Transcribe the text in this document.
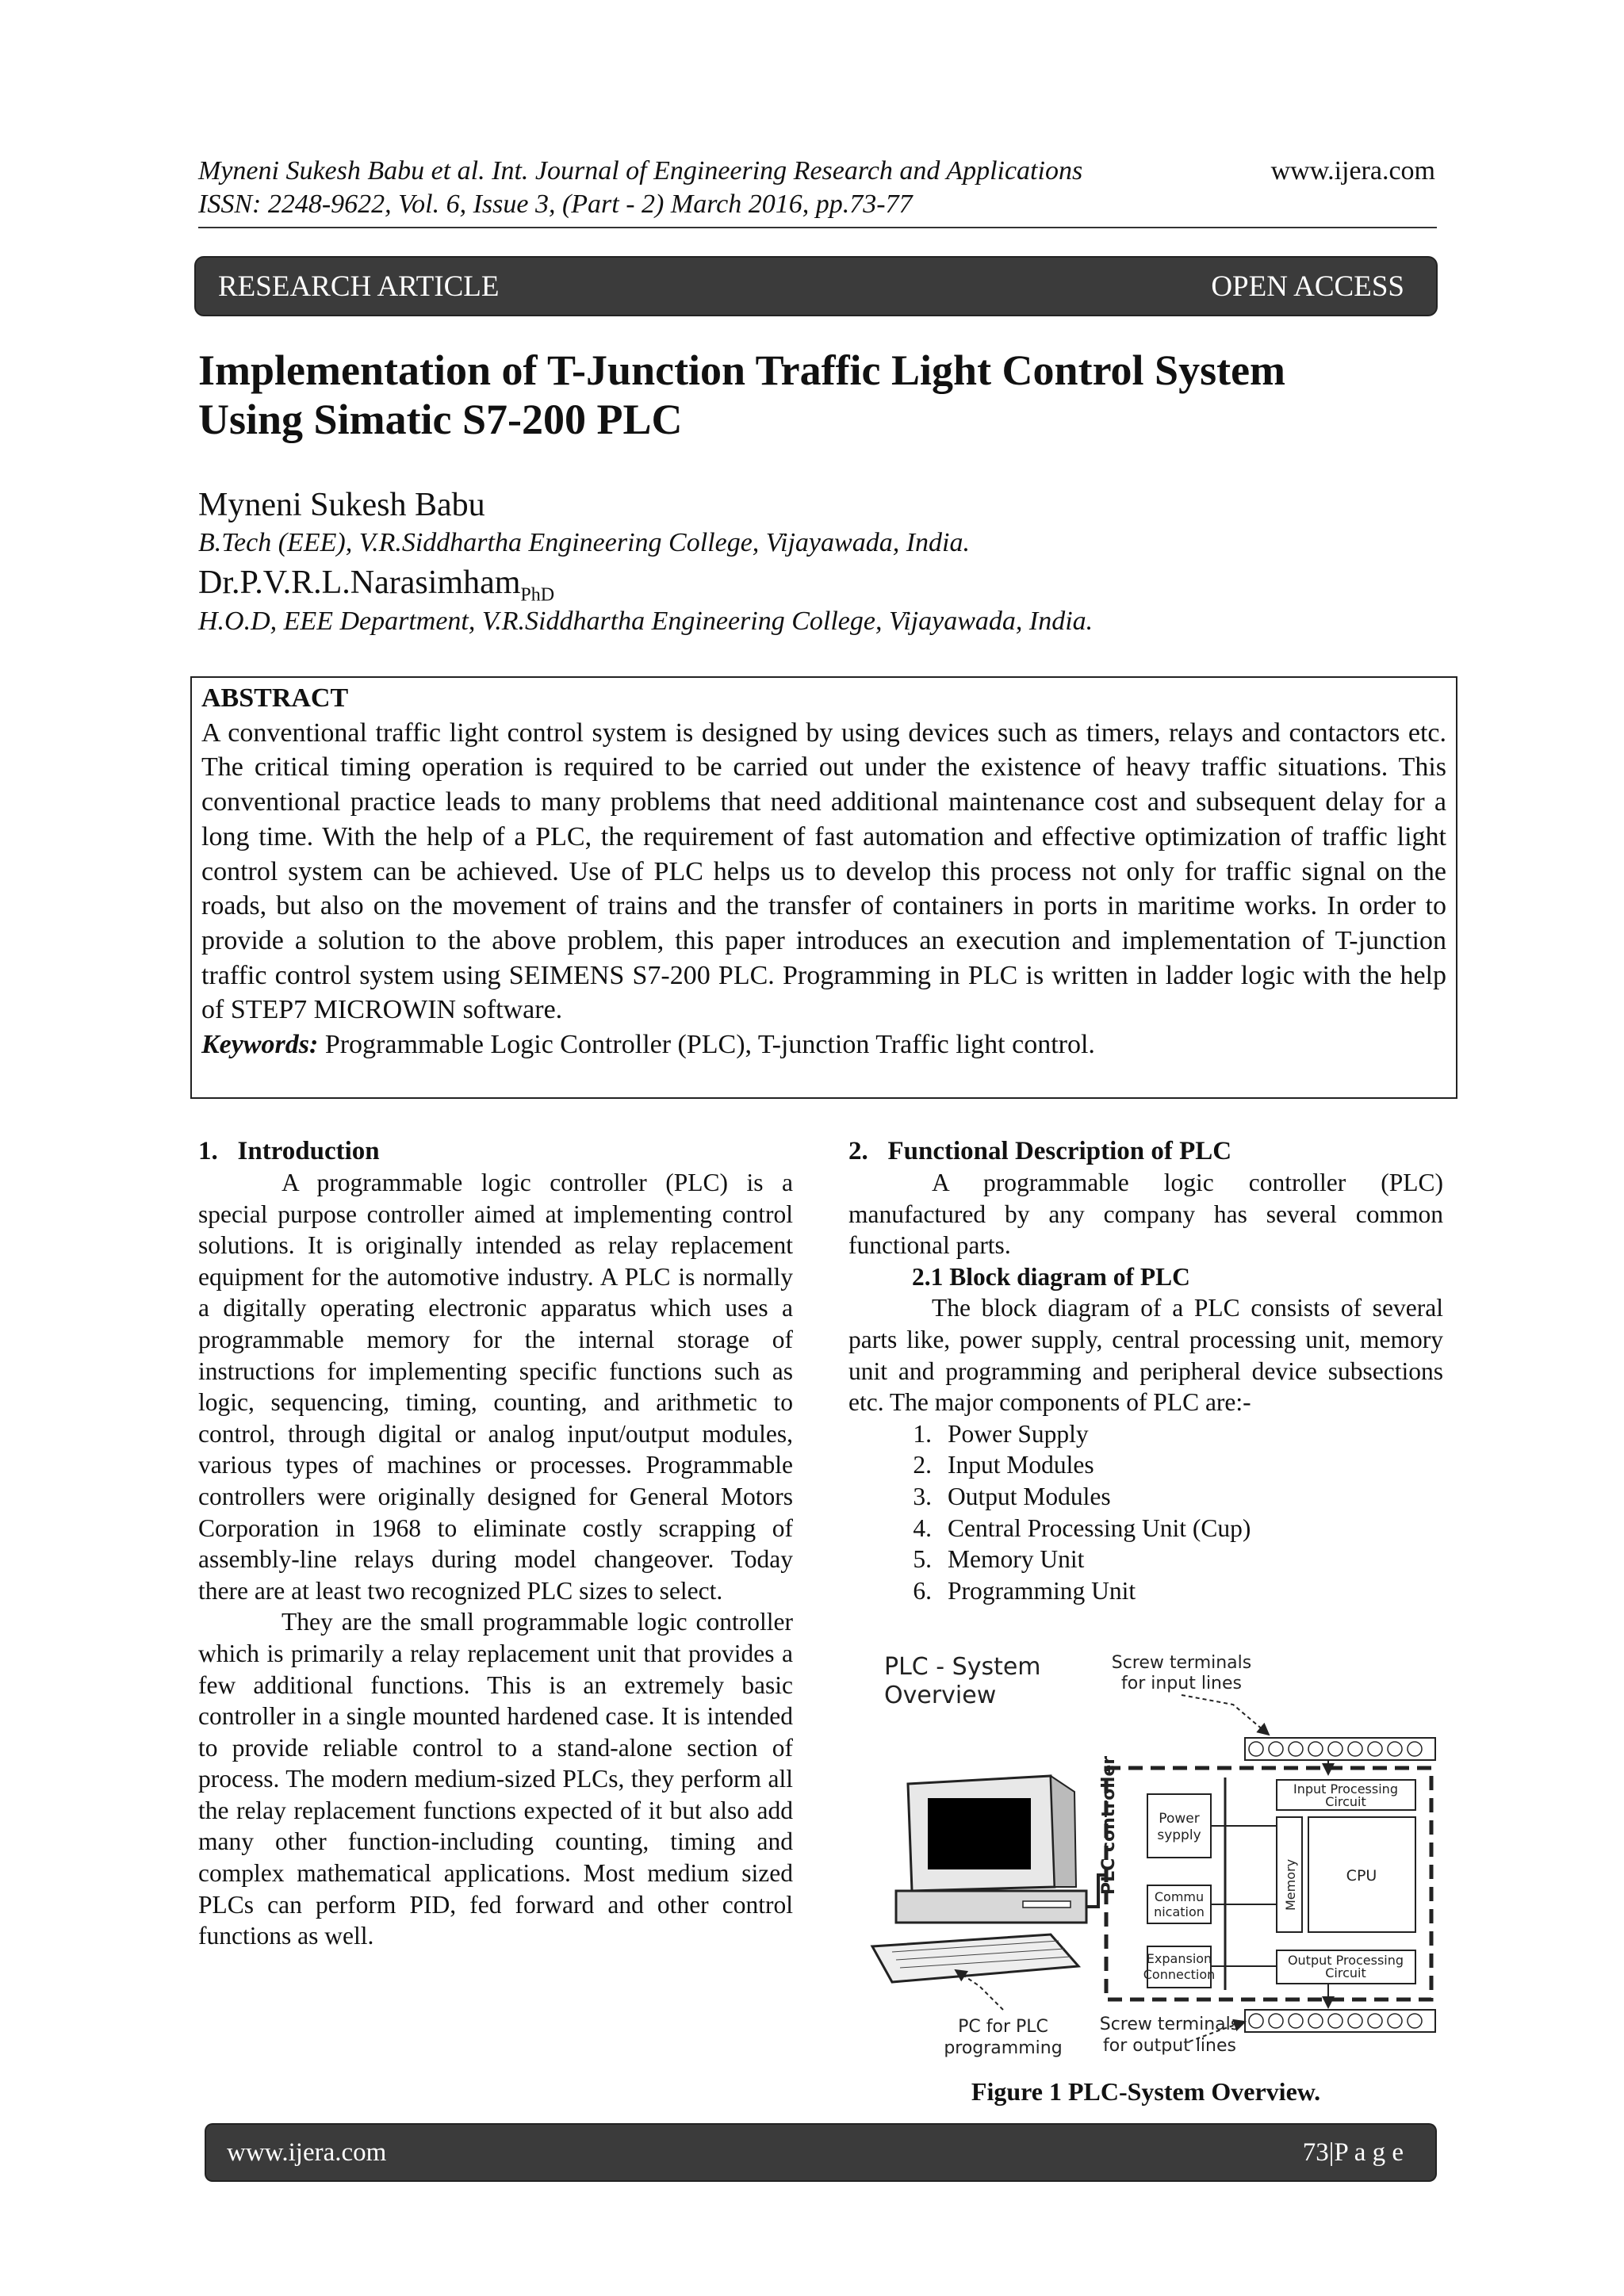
Myneni Sukesh Babu et al. Int. Journal of Engineering Research and Applications	www.ijera.com
ISSN: 2248-9622, Vol. 6, Issue 3, (Part - 2) March 2016, pp.73-77
RESEARCH ARTICLE	OPEN ACCESS
Implementation of T-Junction Traffic Light Control System
Using Simatic S7-200 PLC
Myneni Sukesh Babu
B.Tech (EEE), V.R.Siddhartha Engineering College, Vijayawada, India.
Dr.P.V.R.L.Narasimham$_{PhD}$
H.O.D, EEE Department, V.R.Siddhartha Engineering College, Vijayawada, India.
ABSTRACT
A conventional traffic light control system is designed by using devices such as timers, relays and contactors etc. The critical timing operation is required to be carried out under the existence of heavy traffic situations. This conventional practice leads to many problems that need additional maintenance cost and subsequent delay for a long time. With the help of a PLC, the requirement of fast automation and effective optimization of traffic light control system can be achieved. Use of PLC helps us to develop this process not only for traffic signal on the roads, but also on the movement of trains and the transfer of containers in ports in maritime works. In order to provide a solution to the above problem, this paper introduces an execution and implementation of T-junction traffic control system using SEIMENS S7-200 PLC. Programming in PLC is written in ladder logic with the help of STEP7 MICROWIN software.
Keywords: Programmable Logic Controller (PLC), T-junction Traffic light control.
1.   Introduction

A programmable logic controller (PLC) is a special purpose controller aimed at implementing control solutions. It is originally intended as relay replacement equipment for the automotive industry. A PLC is normally a digitally operating electronic apparatus which uses a programmable memory for the internal storage of instructions for implementing specific functions such as logic, sequencing, timing, counting, and arithmetic to control, through digital or analog input/output modules, various types of machines or processes. Programmable controllers were originally designed for General Motors Corporation in 1968 to eliminate costly scrapping of assembly-line relays during model changeover. Today there are at least two recognized PLC sizes to select.

They are the small programmable logic controller which is primarily a relay replacement unit that provides a few additional functions. This is an extremely basic controller in a single mounted hardened case. It is intended to provide reliable control to a stand-alone section of process. The modern medium-sized PLCs, they perform all the relay replacement functions expected of it but also add many other function-including counting, timing and complex mathematical applications. Most medium sized PLCs can perform PID, fed forward and other control functions as well.

2.   Functional Description of PLC

A programmable logic controller (PLC) manufactured by any company has several common functional parts.

2.1 Block diagram of PLC

The block diagram of a PLC consists of several parts like, power supply, central processing unit, memory unit and programming and peripheral device subsections etc. The major components of PLC are:-

1. Power Supply
2. Input Modules
3. Output Modules
4. Central Processing Unit (Cup)
5. Memory Unit
6. Programming Unit
PLC - System
Overview
Screw terminals
for input lines
PLC controller	Power
sypply
Input Processing
Circuit
Memory	CPU
Commu
nication
Expansion
Connection
Output Processing
Circuit
PC for PLC
programming
Screw terminals
for output lines
Figure 1 PLC-System Overview.
www.ijera.com	73|P a g e
